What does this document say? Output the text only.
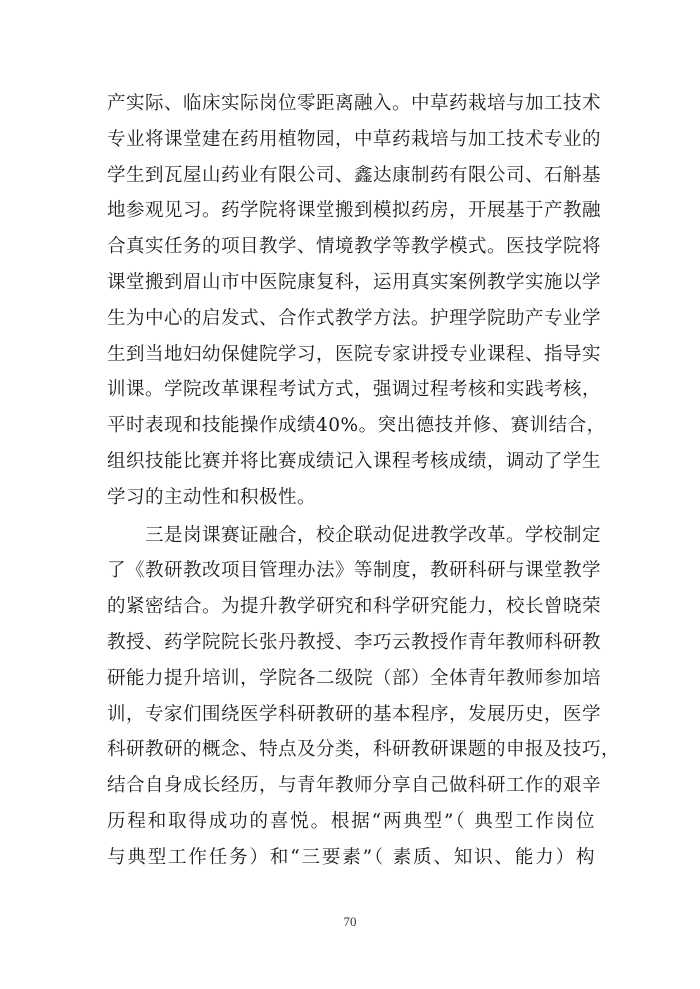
产实际、临床实际岗位零距离融入。中草药栽培与加工技术
专业将课堂建在药用植物园，中草药栽培与加工技术专业的
学生到瓦屋山药业有限公司、鑫达康制药有限公司、石斛基
地参观见习。药学院将课堂搬到模拟药房，开展基于产教融
合真实任务的项目教学、情境教学等教学模式。医技学院将
课堂搬到眉山市中医院康复科，运用真实案例教学实施以学
生为中心的启发式、合作式教学方法。护理学院助产专业学
生到当地妇幼保健院学习，医院专家讲授专业课程、指导实
训课。学院改革课程考试方式，强调过程考核和实践考核，
平时表现和技能操作成绩40%。突出德技并修、赛训结合，
组织技能比赛并将比赛成绩记入课程考核成绩，调动了学生
学习的主动性和积极性。
三是岗课赛证融合，校企联动促进教学改革。学校制定
了《教研教改项目管理办法》等制度，教研科研与课堂教学
的紧密结合。为提升教学研究和科学研究能力，校长曾晓荣
教授、药学院院长张丹教授、李巧云教授作青年教师科研教
研能力提升培训，学院各二级院（部）全体青年教师参加培
训，专家们围绕医学科研教研的基本程序，发展历史，医学
科研教研的概念、特点及分类，科研教研课题的申报及技巧，
结合自身成长经历，与青年教师分享自己做科研工作的艰辛
历程和取得成功的喜悦。根据“两典型”（ 典型工作岗位
与典型工作任务）和“三要素”（ 素质、知识、能力）构
70
